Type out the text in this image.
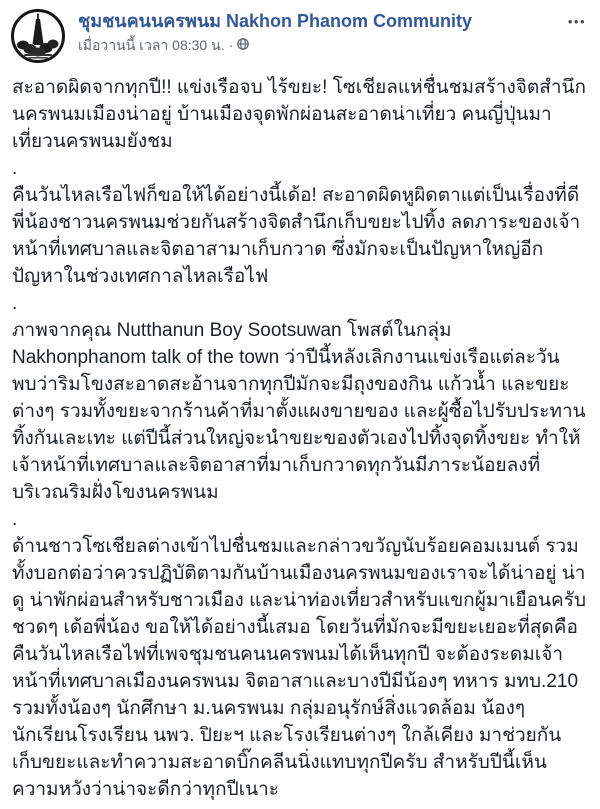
ชุมชนคนนครพนม Nakhon Phanom Community
เมื่อวานนี้ เวลา 08:30 น. ·
•••
สะอาดผิดจากทุกปี!! แข่งเรือจบ ไร้ขยะ! โซเชียลแห่ชื่นชมสร้างจิตสำนึกนครพนมเมืองน่าอยู่ บ้านเมืองจุดพักผ่อนสะอาดน่าเที่ยว คนญี่ปุ่นมาเที่ยวนครพนมยังชม
.
คืนวันไหลเรือไฟก็ขอให้ได้อย่างนี้เด้อ! สะอาดผิดหูผิดตาแต่เป็นเรื่องที่ดี พี่น้องชาวนครพนมช่วยกันสร้างจิตสำนึกเก็บขยะไปทิ้ง ลดภาระของเจ้าหน้าที่เทศบาลและจิตอาสามาเก็บกวาด ซึ่งมักจะเป็นปัญหาใหญ่อีกปัญหาในช่วงเทศกาลไหลเรือไฟ
.
ภาพจากคุณ Nutthanun Boy Sootsuwan โพสต์ในกลุ่ม Nakhonphanom talk of the town ว่าปีนี้หลังเลิกงานแข่งเรือแต่ละวัน พบว่าริมโขงสะอาดสะอ้านจากทุกปีมักจะมีถุงของกิน แก้วน้ำ และขยะต่างๆ รวมทั้งขยะจากร้านค้าที่มาตั้งแผงขายของ และผู้ซื้อไปรับประทานทิ้งกันเละเทะ แต่ปีนี้ส่วนใหญ่จะนำขยะของตัวเองไปทิ้งจุดทิ้งขยะ ทำให้เจ้าหน้าที่เทศบาลและจิตอาสาที่มาเก็บกวาดทุกวันมีภาระน้อยลงที่บริเวณริมฝั่งโขงนครพนม
.
ด้านชาวโซเชียลต่างเข้าไปชื่นชมและกล่าวขวัญนับร้อยคอมเมนต์ รวมทั้งบอกต่อว่าควรปฏิบัติตามกันบ้านเมืองนครพนมของเราจะได้น่าอยู่ น่าดู น่าพักผ่อนสำหรับชาวเมือง และน่าท่องเที่ยวสำหรับแขกผู้มาเยือนครับ ชวดๆ เด้อพี่น้อง ขอให้ได้อย่างนี้เสมอ โดยวันที่มักจะมีขยะเยอะที่สุดคือคืนวันไหลเรือไฟที่เพจชุมชนคนนครพนมได้เห็นทุกปี จะต้องระดมเจ้าหน้าที่เทศบาลเมืองนครพนม จิตอาสาและบางปีมีน้องๆ ทหาร มทบ.210 รวมทั้งน้องๆ นักศึกษา ม.นครพนม กลุ่มอนุรักษ์สิ่งแวดล้อม น้องๆ นักเรียนโรงเรียน นพว. ปิยะฯ และโรงเรียนต่างๆ ใกล้เคียง มาช่วยกันเก็บขยะและทำความสะอาดบิ๊กคลีนนิ่งแทบทุกปีครับ สำหรับปีนี้เห็นความหวังว่าน่าจะดีกว่าทุกปีเนาะ
